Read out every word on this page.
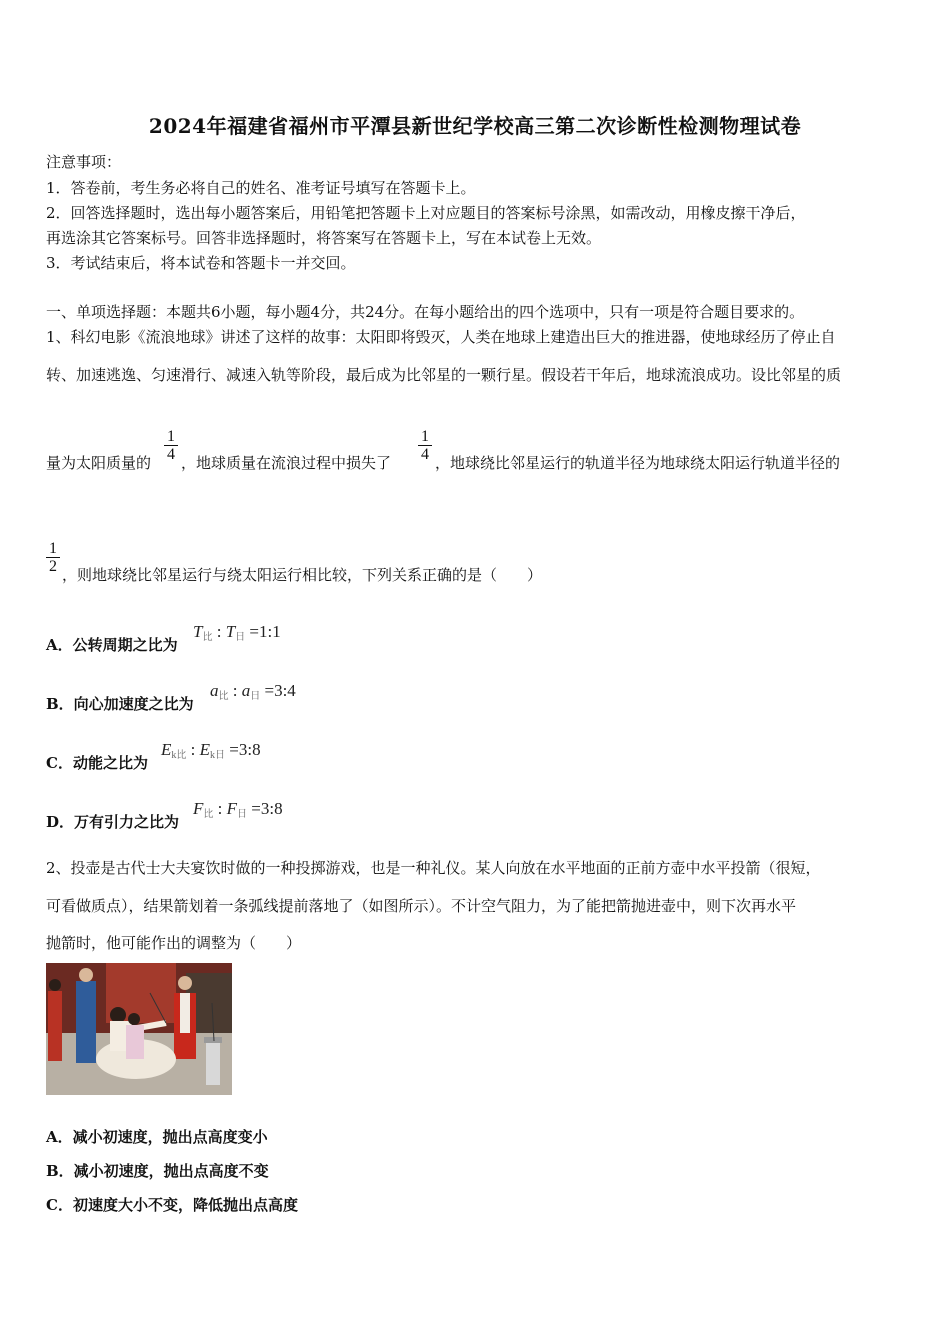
2024年福建省福州市平潭县新世纪学校高三第二次诊断性检测物理试卷
注意事项：
1．答卷前，考生务必将自己的姓名、准考证号填写在答题卡上。
2．回答选择题时，选出每小题答案后，用铅笔把答题卡上对应题目的答案标号涂黑，如需改动，用橡皮擦干净后，
再选涂其它答案标号。回答非选择题时，将答案写在答题卡上，写在本试卷上无效。
3．考试结束后，将本试卷和答题卡一并交回。
一、单项选择题：本题共6小题，每小题4分，共24分。在每小题给出的四个选项中，只有一项是符合题目要求的。
1、科幻电影《流浪地球》讲述了这样的故事：太阳即将毁灭，人类在地球上建造出巨大的推进器，使地球经历了停止自
转、加速逃逸、匀速滑行、减速入轨等阶段，最后成为比邻星的一颗行星。假设若干年后，地球流浪成功。设比邻星的质
量为太阳质量的
1
4 ，地球质量在流浪过程中损失了
1
4 ，地球绕比邻星运行的轨道半径为地球绕太阳运行轨道半径的
1
2 ，则地球绕比邻星运行与绕太阳运行相比较，下列关系正确的是（　　）
A．公转周期之比为
$T_比$ : $T_日$ =1:1
B．向心加速度之比为
$a_比$ : $a_日$ =3:4
C．动能之比为
$E_{k比}$ : $E_{k日}$ =3:8
D．万有引力之比为
$F_比$ : $F_日$ =3:8
2、投壶是古代士大夫宴饮时做的一种投掷游戏，也是一种礼仪。某人向放在水平地面的正前方壶中水平投箭（很短，
可看做质点），结果箭划着一条弧线提前落地了（如图所示）。不计空气阻力，为了能把箭抛进壶中，则下次再水平
抛箭时，他可能作出的调整为（　　）
A．减小初速度，抛出点高度变小
B．减小初速度，抛出点高度不变
C．初速度大小不变，降低抛出点高度
